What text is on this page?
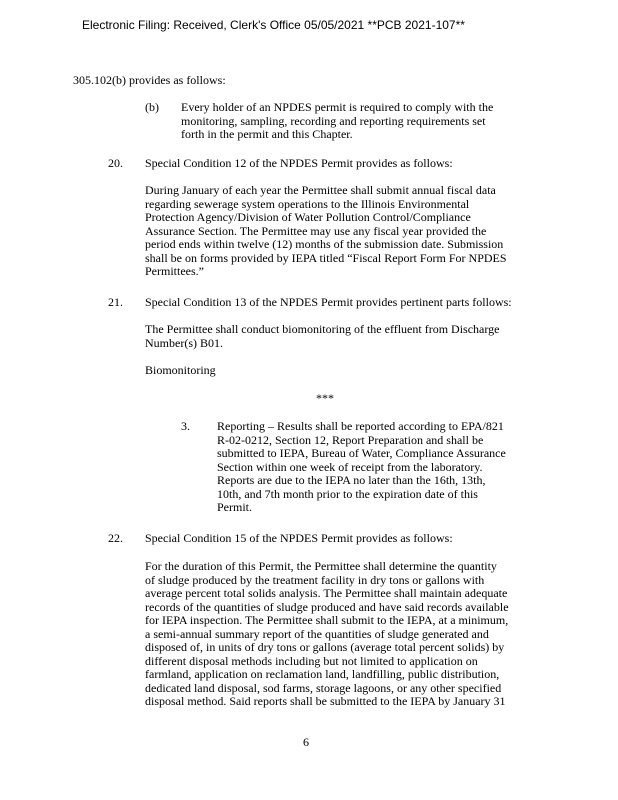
Electronic Filing: Received, Clerk's Office 05/05/2021 **PCB 2021-107**
305.102(b) provides as follows:
(b) Every holder of an NPDES permit is required to comply with the
monitoring, sampling, recording and reporting requirements set
forth in the permit and this Chapter.
20. Special Condition 12 of the NPDES Permit provides as follows:
During January of each year the Permittee shall submit annual fiscal data
regarding sewerage system operations to the Illinois Environmental
Protection Agency/Division of Water Pollution Control/Compliance
Assurance Section. The Permittee may use any fiscal year provided the
period ends within twelve (12) months of the submission date. Submission
shall be on forms provided by IEPA titled “Fiscal Report Form For NPDES
Permittees.”
21. Special Condition 13 of the NPDES Permit provides pertinent parts follows:
The Permittee shall conduct biomonitoring of the effluent from Discharge
Number(s) B01.
Biomonitoring
***
3. Reporting – Results shall be reported according to EPA/821
R-02-0212, Section 12, Report Preparation and shall be
submitted to IEPA, Bureau of Water, Compliance Assurance
Section within one week of receipt from the laboratory.
Reports are due to the IEPA no later than the 16th, 13th,
10th, and 7th month prior to the expiration date of this
Permit.
22. Special Condition 15 of the NPDES Permit provides as follows:
For the duration of this Permit, the Permittee shall determine the quantity
of sludge produced by the treatment facility in dry tons or gallons with
average percent total solids analysis. The Permittee shall maintain adequate
records of the quantities of sludge produced and have said records available
for IEPA inspection. The Permittee shall submit to the IEPA, at a minimum,
a semi-annual summary report of the quantities of sludge generated and
disposed of, in units of dry tons or gallons (average total percent solids) by
different disposal methods including but not limited to application on
farmland, application on reclamation land, landfilling, public distribution,
dedicated land disposal, sod farms, storage lagoons, or any other specified
disposal method. Said reports shall be submitted to the IEPA by January 31
6
